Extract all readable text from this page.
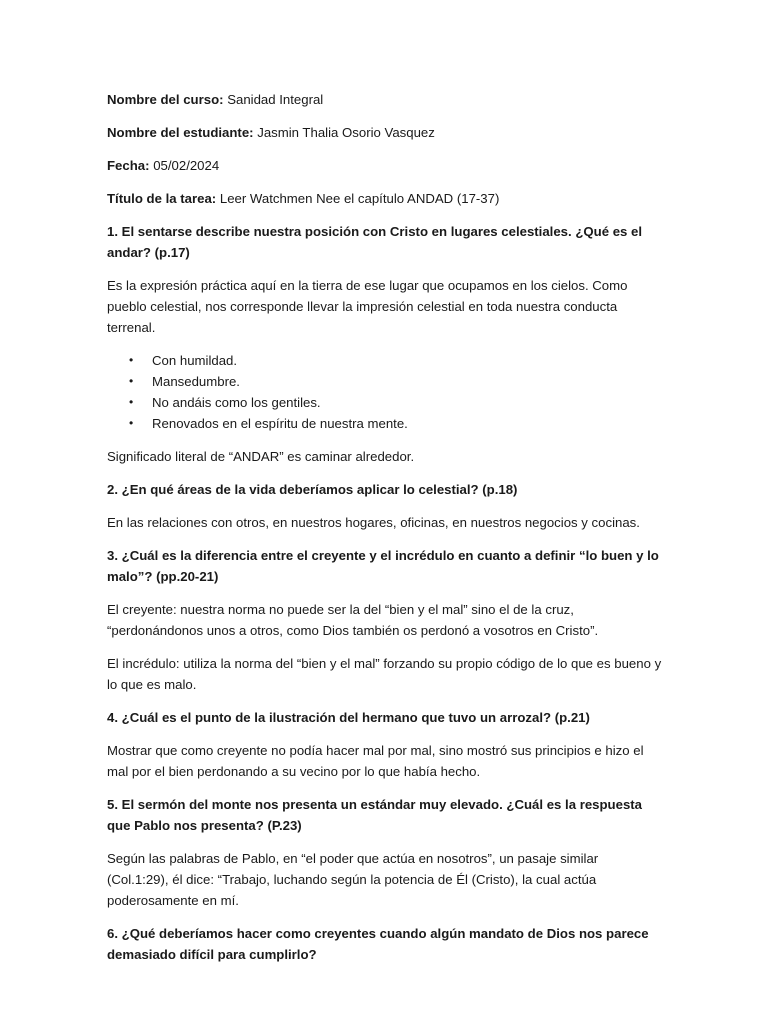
Nombre del curso: Sanidad Integral

Nombre del estudiante: Jasmin Thalia Osorio Vasquez

Fecha: 05/02/2024

Título de la tarea: Leer Watchmen Nee el capítulo ANDAD (17-37)

1. El sentarse describe nuestra posición con Cristo en lugares celestiales. ¿Qué es el andar? (p.17)

Es la expresión práctica aquí en la tierra de ese lugar que ocupamos en los cielos. Como pueblo celestial, nos corresponde llevar la impresión celestial en toda nuestra conducta terrenal.

• Con humildad.
• Mansedumbre.
• No andáis como los gentiles.
• Renovados en el espíritu de nuestra mente.

Significado literal de “ANDAR” es caminar alrededor.

2. ¿En qué áreas de la vida deberíamos aplicar lo celestial? (p.18)

En las relaciones con otros, en nuestros hogares, oficinas, en nuestros negocios y cocinas.

3. ¿Cuál es la diferencia entre el creyente y el incrédulo en cuanto a definir “lo buen y lo malo”? (pp.20-21)

El creyente: nuestra norma no puede ser la del “bien y el mal” sino el de la cruz, “perdonándonos unos a otros, como Dios también os perdonó a vosotros en Cristo”.

El incrédulo: utiliza la norma del “bien y el mal” forzando su propio código de lo que es bueno y lo que es malo.

4. ¿Cuál es el punto de la ilustración del hermano que tuvo un arrozal? (p.21)

Mostrar que como creyente no podía hacer mal por mal, sino mostró sus principios e hizo el mal por el bien perdonando a su vecino por lo que había hecho.

5. El sermón del monte nos presenta un estándar muy elevado. ¿Cuál es la respuesta que Pablo nos presenta? (P.23)

Según las palabras de Pablo, en “el poder que actúa en nosotros”, un pasaje similar (Col.1:29), él dice: “Trabajo, luchando según la potencia de Él (Cristo), la cual actúa poderosamente en mí.

6. ¿Qué deberíamos hacer como creyentes cuando algún mandato de Dios nos parece demasiado difícil para cumplirlo?
